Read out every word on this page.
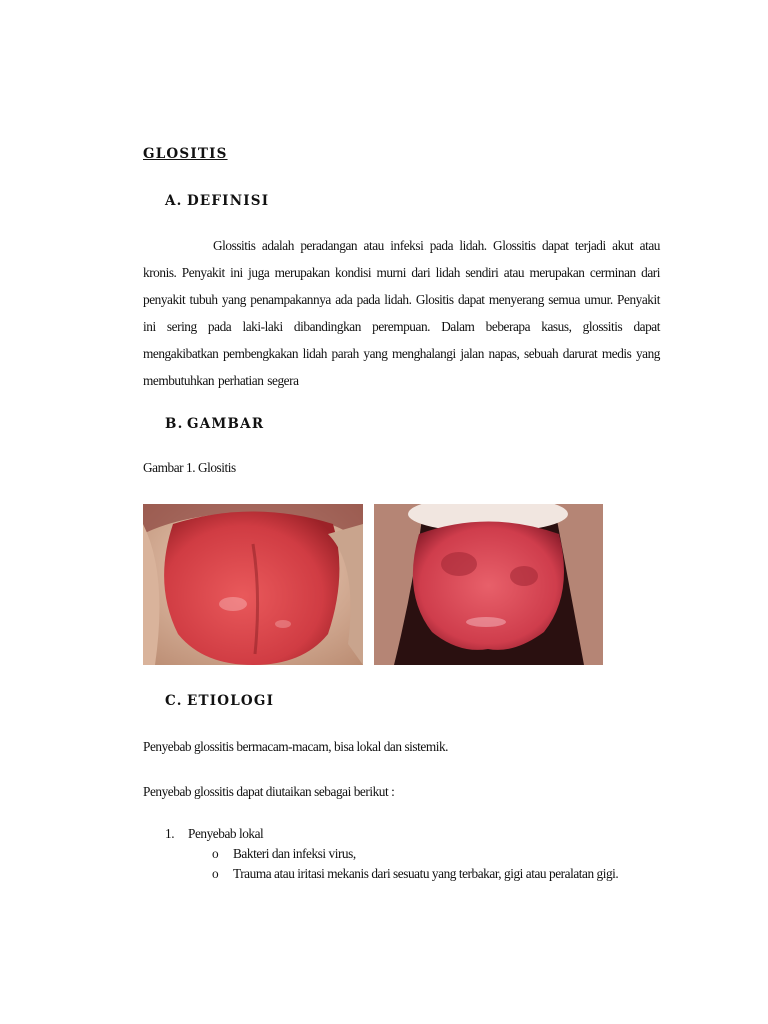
GLOSITIS
A. DEFINISI
Glossitis adalah peradangan atau infeksi pada lidah. Glossitis dapat terjadi akut atau kronis. Penyakit ini juga merupakan kondisi murni dari lidah sendiri atau merupakan cerminan dari penyakit tubuh yang penampakannya ada pada lidah. Glositis dapat menyerang semua umur. Penyakit ini sering pada laki-laki dibandingkan perempuan. Dalam beberapa kasus, glossitis dapat mengakibatkan pembengkakan lidah parah yang menghalangi jalan napas, sebuah darurat medis yang membutuhkan perhatian segera
B. GAMBAR
Gambar 1. Glositis
C. ETIOLOGI
Penyebab glossitis bermacam-macam, bisa lokal dan sistemik.
Penyebab glossitis dapat diutaikan sebagai berikut :
1. Penyebab lokal
o Bakteri dan infeksi virus,
o Trauma atau iritasi mekanis dari sesuatu yang terbakar, gigi atau peralatan gigi.
